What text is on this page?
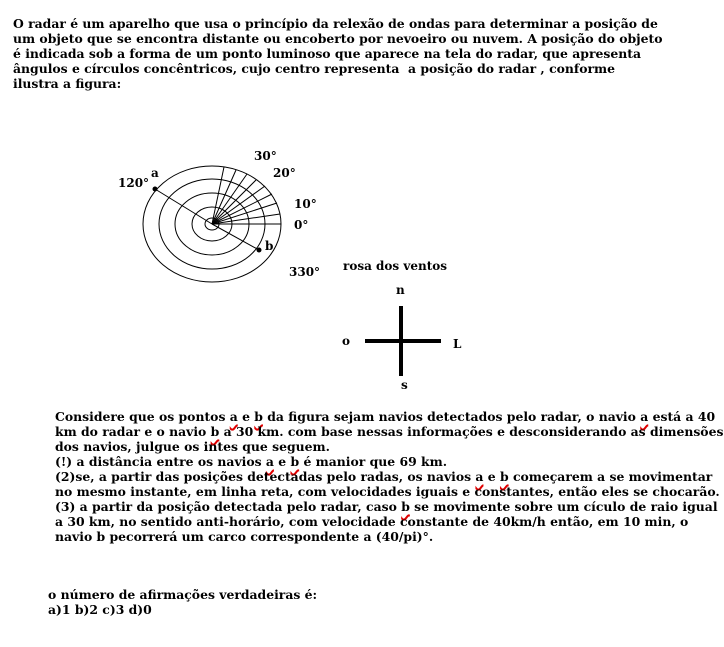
O radar é um aparelho que usa o princípio da relexão de ondas para determinar a posição de
um objeto que se encontra distante ou encoberto por nevoeiro ou nuvem. A posição do objeto
é indicada sob a forma de um ponto luminoso que aparece na tela do radar, que apresenta
ângulos e círculos concêntricos, cujo centro representa  a posição do radar , conforme
ilustra a figura:
30°
20°
10°
0°
120°
330°
a
b
rosa dos ventos
n
s
o	L
Considere que os pontos a e b da figura sejam navios detectados pelo radar, o navio a está a 40
km do radar e o navio b a 30 km. com base nessas informações e desconsiderando as dimensões
dos navios, julgue os intes que seguem.
(!) a distância entre os navios a e b é manior que 69 km.
(2)se, a partir das posições detectadas pelo radas, os navios a e b começarem a se movimentar
no mesmo instante, em linha reta, com velocidades iguais e constantes, então eles se chocarão.
(3) a partir da posição detectada pelo radar, caso b se movimente sobre um cículo de raio igual
a 30 km, no sentido anti-horário, com velocidade constante de 40km/h então, em 10 min, o
navio b pecorrerá um carco correspondente a (40/pi)°.
o número de afirmações verdadeiras é:
a)1 b)2 c)3 d)0
